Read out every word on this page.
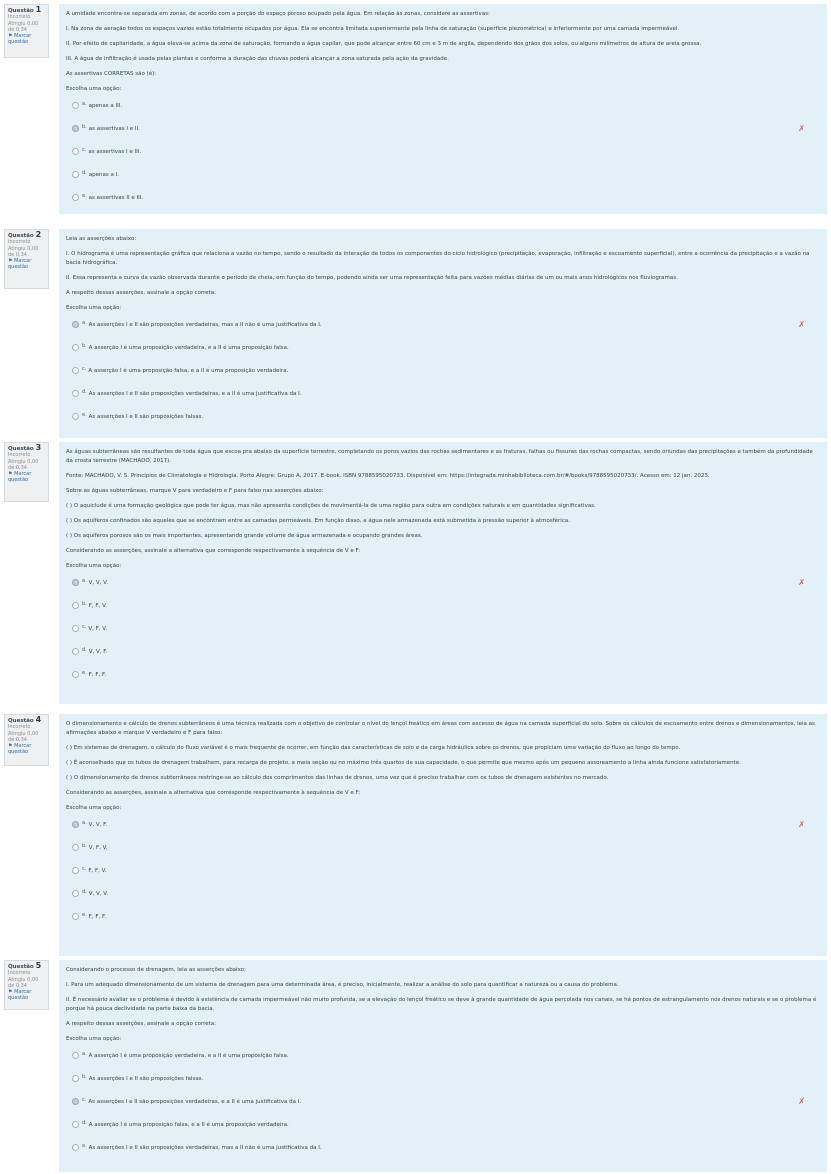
Questão 1
Incorreto
Atingiu 0,00 de 0,34
⚑ Marcar questão

A umidade encontra-se separada em zonas, de acordo com a porção do espaço poroso ocupado pela água. Em relação às zonas, considere as assertivas:

I. Na zona de aeração todos os espaços vazios estão totalmente ocupados por água. Ela se encontra limitada superiormente pela linha de saturação (superfície piezométrica) e inferiormente por uma camada impermeável.

II. Por efeito de capilaridade, a água eleva-se acima da zona de saturação, formando a água capilar, que pode alcançar entre 60 cm e 3 m de argila, dependendo dos grãos dos solos, ou alguns milímetros de altura de areia grossa.

III. A água de infiltração é usada pelas plantas e conforme a duração das chuvas poderá alcançar a zona saturada pela ação da gravidade.

As assertivas CORRETAS são (é):

Escolha uma opção:
a. apenas a III.
b. as assertivas I e II.	✗
c. as assertivas I e III.
d. apenas a I.
e. as assertivas II e III.
Questão 2
Incorreto
Atingiu 0,00 de 0,34
⚑ Marcar questão

Leia as asserções abaixo:

I. O hidrograma é uma representação gráfica que relaciona a vazão no tempo, sendo o resultado da interação de todos os componentes do ciclo hidrológico (precipitação, evaporação, infiltração e escoamento superficial), entre a ocorrência da precipitação e a vazão na bacia hidrográfica.

II. Essa representa a curva da vazão observada durante o período de cheia, em função do tempo, podendo ainda ser uma representação feita para vazões médias diárias de um ou mais anos hidrológicos nos fluviogramas.

A respeito dessas asserções, assinale a opção correta:

Escolha uma opção:
a. As asserções I e II são proposições verdadeiras, mas a II não é uma justificativa da I.	✗
b. A asserção I é uma proposição verdadeira, e a II é uma proposição falsa.
c. A asserção I é uma proposição falsa, e a II é uma proposição verdadeira.
d. As asserções I e II são proposições verdadeiras, e a II é uma justificativa da I.
e. As asserções I e II são proposições falsas.
Questão 3
Incorreto
Atingiu 0,00 de 0,34
⚑ Marcar questão

As águas subterrâneas são resultantes de toda água que escoa pra abaixo da superfície terrestre, completando os poros vazios das rochas sedimentares e as fraturas, falhas ou fissuras das rochas compactas, sendo oriundas das precipitações e também da profundidade da crosta terrestre (MACHADO, 2017).

Fonte: MACHADO, V. S. Princípios de Climatologia e Hidrologia. Porto Alegre: Grupo A, 2017. E-book. ISBN 9788595020733. Disponível em: https://integrada.minhabiblioteca.com.br/#/books/9788595020733/. Acesso em: 12 jan. 2023.

Sobre as águas subterrâneas, marque V para verdadeiro e F para falso nas asserções abaixo:

( ) O aquiclude é uma formação geológica que pode ter água, mas não apresenta condições de movimentá-la de uma região para outra em condições naturais e em quantidades significativas.

( ) Os aquíferos confinados são aqueles que se encontram entre as camadas permeáveis. Em função disso, a água nele armazenada está submetida à pressão superior à atmosférica.

( ) Os aquíferos porosos são os mais importantes, apresentando grande volume de água armazenada e ocupando grandes áreas.

Considerando as asserções, assinale a alternativa que corresponde respectivamente à sequência de V e F:

Escolha uma opção:
a. V, V, V.	✗
b. F, F, V.
c. V, F, V.
d. V, V, F.
e. F, F, F.
Questão 4
Incorreto
Atingiu 0,00 de 0,34
⚑ Marcar questão

O dimensionamento e cálculo de drenos subterrâneos é uma técnica realizada com o objetivo de controlar o nível do lençol freático em áreas com excesso de água na camada superficial do solo. Sobre os cálculos de escoamento entre drenos e dimensionamentos, leia as afirmações abaixo e marque V verdadeiro e F para falso:

( ) Em sistemas de drenagem, o cálculo do fluxo variável é o mais frequente de ocorrer, em função das características de solo e da carga hidráulica sobre os drenos, que propiciam uma variação do fluxo ao longo do tempo.

( ) É aconselhado que os tubos de drenagem trabalhem, para recarga de projeto, a meia seção ou no máximo três quartos de sua capacidade, o que permite que mesmo após um pequeno assoreamento a linha ainda funcione satisfatoriamente.

( ) O dimensionamento de drenos subterrâneos restringe-se ao cálculo dos comprimentos das linhas de drenos, uma vez que é preciso trabalhar com os tubos de drenagem existentes no mercado.

Considerando as asserções, assinale a alternativa que corresponde respectivamente à sequência de V e F:

Escolha uma opção:
a. V, V, F.	✗
b. V, F, V.
c. F, F, V.
d. V, V, V.
e. F, F, F.
Questão 5
Incorreto
Atingiu 0,00 de 0,34
⚑ Marcar questão

Considerando o processo de drenagem, leia as asserções abaixo:

I. Para um adequado dimensionamento de um sistema de drenagem para uma determinada área, é preciso, inicialmente, realizar a análise do solo para quantificar a natureza ou a causa do problema.

II. É necessário avaliar se o problema é devido à existência de camada impermeável não muito profunda, se a elevação do lençol freático se deve à grande quantidade de água percolada nos canais, se há pontos de estrangulamento nos drenos naturais e se o problema é porque há pouca declividade na parte baixa da bacia.

A respeito dessas asserções, assinale a opção correta:

Escolha uma opção:
a. A asserção I é uma proposição verdadeira, e a II é uma proposição falsa.
b. As asserções I e II são proposições falsas.
c. As asserções I e II são proposições verdadeiras, e a II é uma justificativa da I.	✗
d. A asserção I é uma proposição falsa, e a II é uma proposição verdadeira.
e. As asserções I e II são proposições verdadeiras, mas a II não é uma justificativa da I.
